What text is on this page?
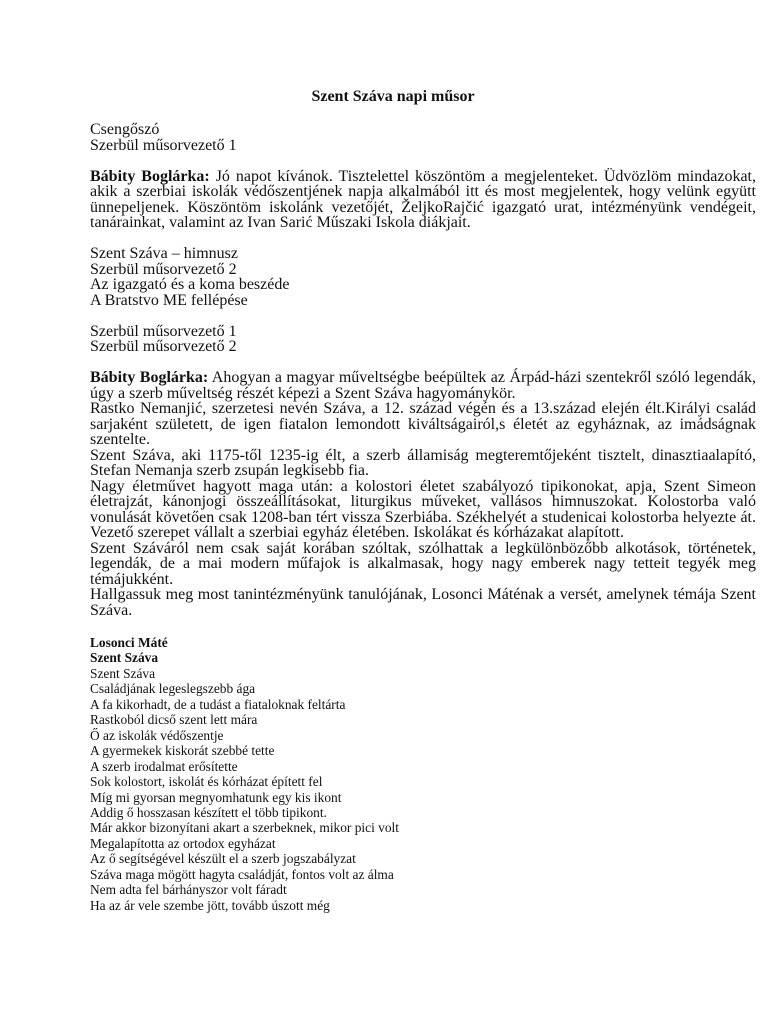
Szent Száva napi műsor

Csengőszó

Szerbül műsorvezető 1

Bábity Boglárka: Jó napot kívánok. Tisztelettel köszöntöm a megjelenteket. Üdvözlöm mindazokat, akik a szerbiai iskolák védőszentjének napja alkalmából itt és most megjelentek, hogy velünk együtt ünnepeljenek. Köszöntöm iskolánk vezetőjét, ŽeljkoRajčić igazgató urat, intézményünk vendégeit, tanárainkat, valamint az Ivan Sarić Műszaki Iskola diákjait.

Szent Száva – himnusz

Szerbül műsorvezető 2

Az igazgató és a koma beszéde

A Bratstvo ME fellépése

Szerbül műsorvezető 1

Szerbül műsorvezető 2

Bábity Boglárka: Ahogyan a magyar műveltségbe beépültek az Árpád-házi szentekről szóló legendák, úgy a szerb műveltség részét képezi a Szent Száva hagyománykör.

Rastko Nemanjić, szerzetesi nevén Száva, a 12. század végén és a 13.század elején élt.Királyi család sarjaként született, de igen fiatalon lemondott kiváltságairól,s életét az egyháznak, az imádságnak szentelte.

Szent Száva, aki 1175-től 1235-ig élt, a szerb államiság megteremtőjeként tisztelt, dinasztiaalapító, Stefan Nemanja szerb zsupán legkisebb fia.

Nagy életművet hagyott maga után: a kolostori életet szabályozó tipikonokat, apja, Szent Simeon életrajzát, kánonjogi összeállításokat, liturgikus műveket, vallásos himnuszokat. Kolostorba való vonulását követően csak 1208-ban tért vissza Szerbiába. Székhelyét a studenicai kolostorba helyezte át. Vezető szerepet vállalt a szerbiai egyház életében. Iskolákat és kórházakat alapított.

Szent Száváról nem csak saját korában szóltak, szólhattak a legkülönbözőbb alkotások, történetek, legendák, de a mai modern műfajok is alkalmasak, hogy nagy emberek nagy tetteit tegyék meg témájukként.

Hallgassuk meg most tanintézményünk tanulójának, Losonci Máténak a versét, amelynek témája Szent Száva.

Losonci Máté

Szent Száva

Szent Száva

Családjának legeslegszebb ága

A fa kikorhadt, de a tudást a fiataloknak feltárta

Rastkoból dicső szent lett mára

Ő az iskolák védőszentje

A gyermekek kiskorát szebbé tette

A szerb irodalmat erősítette

Sok kolostort, iskolát és kórházat épített fel

Míg mi gyorsan megnyomhatunk egy kis ikont

Addig ő hosszasan készített el több tipikont.

Már akkor bizonyítani akart a szerbeknek, mikor pici volt

Megalapította az ortodox egyházat

Az ő segítségével készült el a szerb jogszabályzat

Száva maga mögött hagyta családját, fontos volt az álma

Nem adta fel bárhányszor volt fáradt

Ha az ár vele szembe jött, tovább úszott még
